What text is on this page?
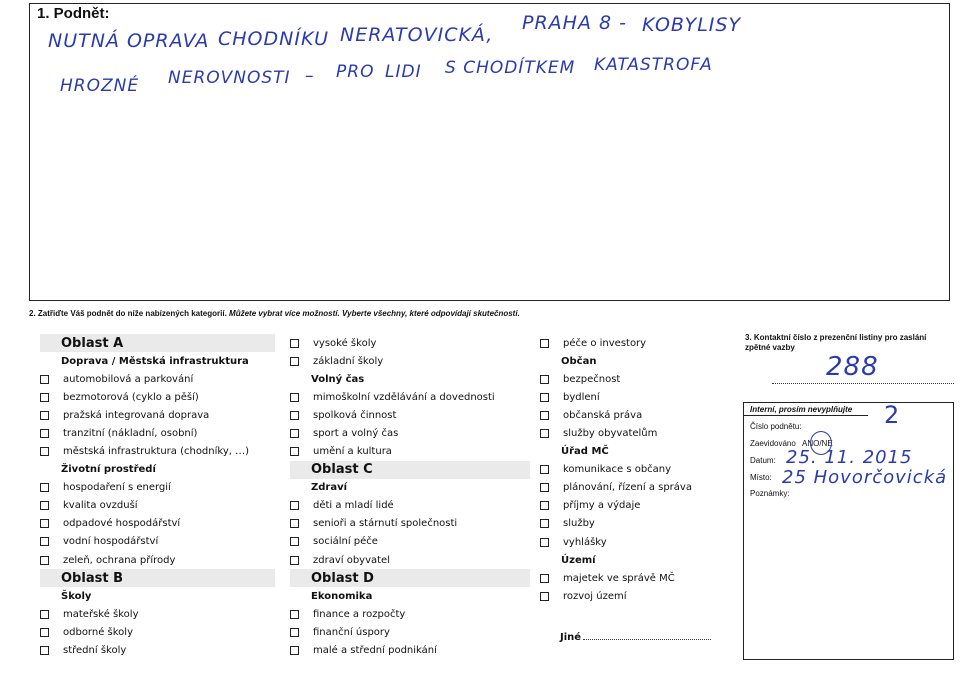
1. Podnět:
NUTNÁ OPRAVA CHODNÍKU NERATOVICKÁ,
PRAHA 8 - KOBYLISY
HROZNÉ NEROVNOSTI – PRO LIDI S CHODÍTKEM KATASTROFA
2. Zatřiďte Váš podnět do níže nabízených kategorií. Můžete vybrat více možností. Vyberte všechny, které odpovídají skutečnosti.
Oblast A
Doprava / Městská infrastruktura
automobilová a parkování
bezmotorová (cyklo a pěší)
pražská integrovaná doprava
tranzitní (nákladní, osobní)
městská infrastruktura (chodníky, …)
Životní prostředí
hospodaření s energií
kvalita ovzduší
odpadové hospodářství
vodní hospodářství
zeleň, ochrana přírody
Oblast B
Školy
mateřské školy
odborné školy
střední školy
vysoké školy
základní školy
Volný čas
mimoškolní vzdělávání a dovednosti
spolková činnost
sport a volný čas
umění a kultura
Oblast C
Zdraví
děti a mladí lidé
senioři a stárnutí společnosti
sociální péče
zdraví obyvatel
Oblast D
Ekonomika
finance a rozpočty
finanční úspory
malé a střední podnikání
péče o investory
Občan
bezpečnost
bydlení
občanská práva
služby obyvatelům
Úřad MČ
komunikace s občany
plánování, řízení a správa
příjmy a výdaje
služby
vyhlášky
Území
majetek ve správě MČ
rozvoj území
Jiné
3. Kontaktní číslo z prezenční listiny pro zaslání zpětné vazby
288
Interní, prosím nevyplňujte
Číslo podnětu:	2
Zaevidováno ANO/NE
Datum: 25. 11. 2015
Místo: 25 Hovorčovická
Poznámky:
